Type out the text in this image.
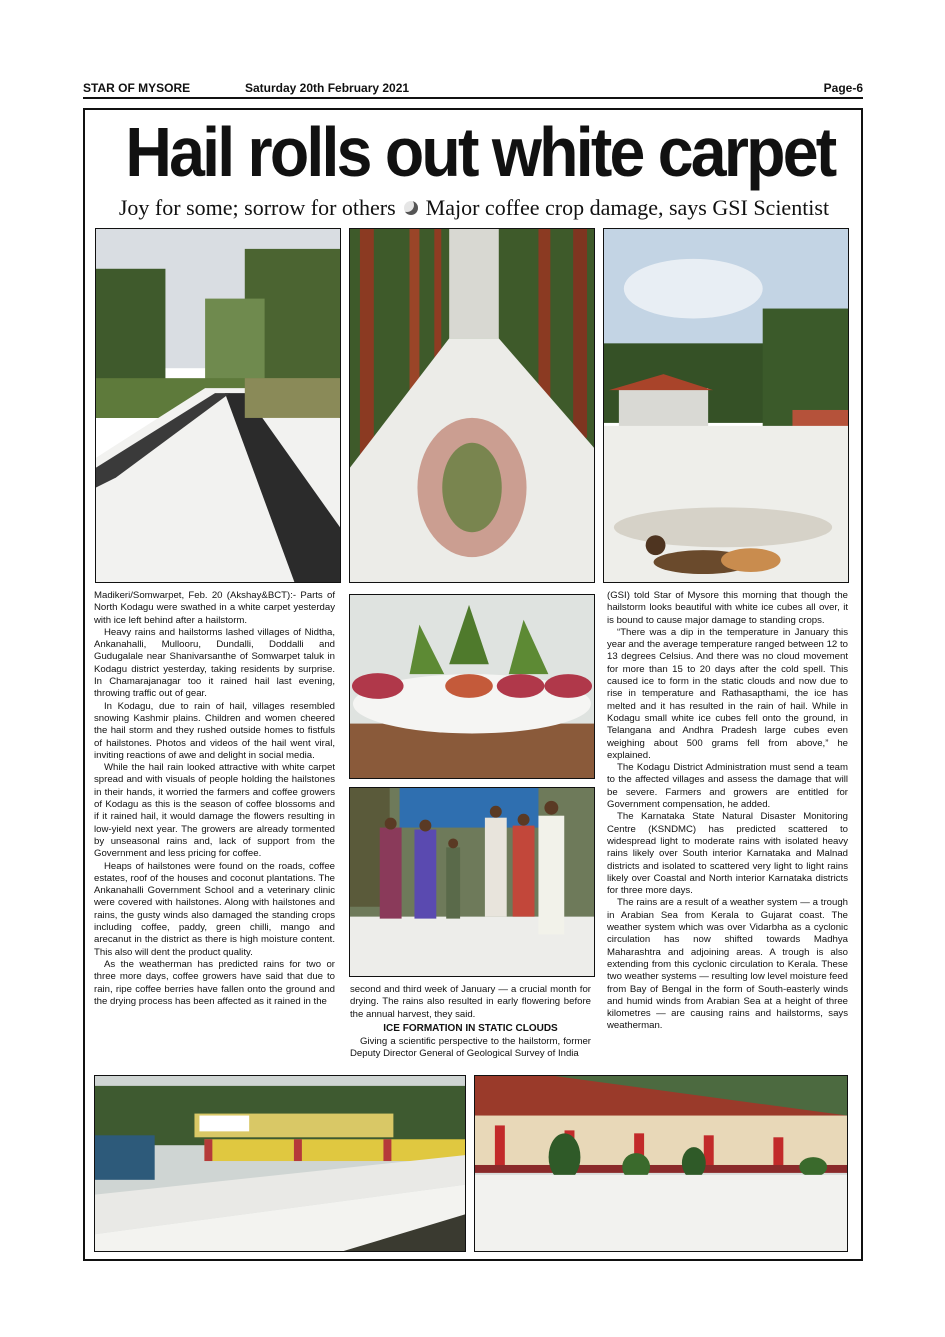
STAR OF MYSORE	Saturday 20th February 2021	Page-6
Hail rolls out white carpet
Joy for some; sorrow for others Major coffee crop damage, says GSI Scientist

Madikeri/Somwarpet, Feb. 20 (Akshay&BCT):- Parts of North Kodagu were swathed in a white carpet yesterday with ice left behind after a hailstorm.

Heavy rains and hailstorms lashed villages of Nidtha, Ankanahalli, Mullooru, Dundalli, Doddalli and Gudugalale near Shanivarsanthe of Somwarpet taluk in Kodagu district yesterday, taking residents by surprise. In Chamarajanagar too it rained hail last evening, throwing traffic out of gear.

In Kodagu, due to rain of hail, villages resembled snowing Kashmir plains. Children and women cheered the hail storm and they rushed outside homes to fistfuls of hailstones. Photos and videos of the hail went viral, inviting reactions of awe and delight in social media.

While the hail rain looked attractive with white carpet spread and with visuals of people holding the hailstones in their hands, it worried the farmers and coffee growers of Kodagu as this is the season of coffee blossoms and if it rained hail, it would damage the flowers resulting in low-yield next year. The growers are already tormented by unseasonal rains and, lack of support from the Government and less pricing for coffee.

Heaps of hailstones were found on the roads, coffee estates, roof of the houses and coconut plantations. The Ankanahalli Government School and a veterinary clinic were covered with hailstones. Along with hailstones and rains, the gusty winds also damaged the standing crops including coffee, paddy, green chilli, mango and arecanut in the district as there is high moisture content. This also will dent the product quality.

As the weatherman has predicted rains for two or three more days, coffee growers have said that due to rain, ripe coffee berries have fallen onto the ground and the drying process has been affected as it rained in the

second and third week of January — a crucial month for drying. The rains also resulted in early flowering before the annual harvest, they said.

ICE FORMATION IN STATIC CLOUDS

Giving a scientific perspective to the hailstorm, former Deputy Director General of Geological Survey of India

(GSI) told Star of Mysore this morning that though the hailstorm looks beautiful with white ice cubes all over, it is bound to cause major damage to standing crops.

“There was a dip in the temperature in January this year and the average temperature ranged between 12 to 13 degrees Celsius. And there was no cloud movement for more than 15 to 20 days after the cold spell. This caused ice to form in the static clouds and now due to rise in temperature and Rathasapthami, the ice has melted and it has resulted in the rain of hail. While in Kodagu small white ice cubes fell onto the ground, in Telangana and Andhra Pradesh large cubes even weighing about 500 grams fell from above,” he explained.

The Kodagu District Administration must send a team to the affected villages and assess the damage that will be severe. Farmers and growers are entitled for Government compensation, he added.

The Karnataka State Natural Disaster Monitoring Centre (KSNDMC) has predicted scattered to widespread light to moderate rains with isolated heavy rains likely over South interior Karnataka and Malnad districts and isolated to scattered very light to light rains likely over Coastal and North interior Karnataka districts for three more days.

The rains are a result of a weather system — a trough in Arabian Sea from Kerala to Gujarat coast. The weather system which was over Vidarbha as a cyclonic circulation has now shifted towards Madhya Maharashtra and adjoining areas. A trough is also extending from this cyclonic circulation to Kerala. These two weather systems — resulting low level moisture feed from Bay of Bengal in the form of South-easterly winds and humid winds from Arabian Sea at a height of three kilometres — are causing rains and hailstorms, says weatherman.
